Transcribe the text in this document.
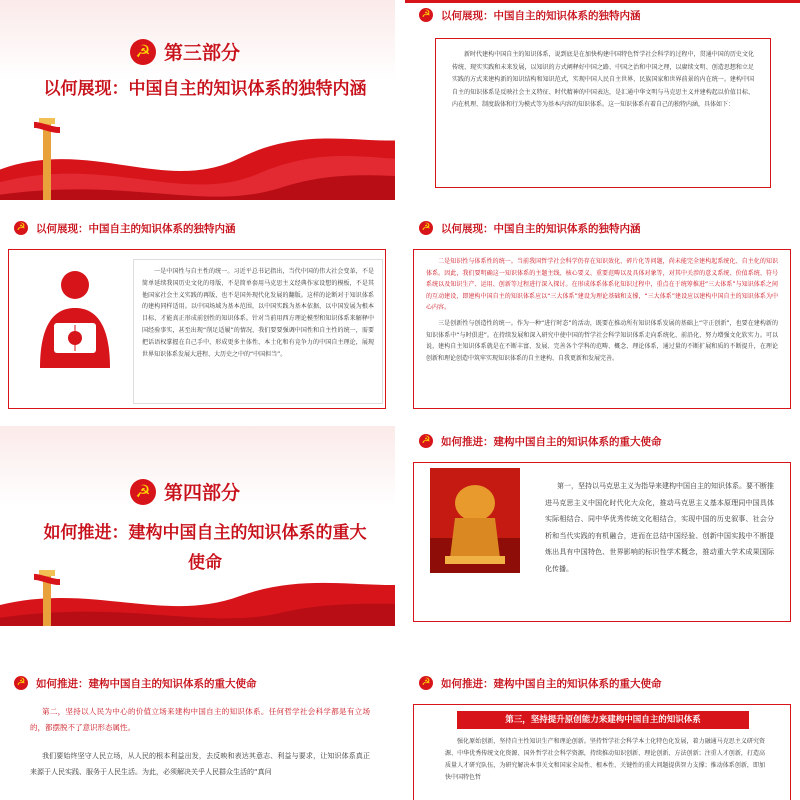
☭
第三部分
以何展现：中国自主的知识体系的独特内涵
☭
以何展现：中国自主的知识体系的独特内涵

新时代建构中国自主的知识体系，说到底是在加快构建中国特色哲学社会科学的过程中，贯通中国的历史文化传统、现实实践和未来发展，以知识的方式阐释好中国之路、中国之治和中国之理，以赓续文明、创造思想和立足实践的方式来建构新的知识结构和知识范式，实现中国人民自主世界、民族国家和世界前景的内在统一。建构中国自主的知识体系是反映社会主义特征、时代精神的中国表达，是汇通中华文明与马克思主义并建构起以价值目标、内在机理、制度载体和行为模式等为基本内容的知识体系。这一知识体系有着自己的独特内涵，具体如下：

☭
以何展现：中国自主的知识体系的独特内涵

一是中国性与自主性的统一。习近平总书记指出，当代中国的伟大社会变革，不是简单延续我国历史文化的母版，不是简单套用马克思主义经典作家设想的模板，不是其他国家社会主义实践的再版，也不是国外现代化发展的翻版。这样的论断对于知识体系的建构同样适用。以中国场域为基本范围，以中国实践为基本依据，以中国发展为根本目标，才能真正形成前创性的知识体系。针对当前用西方理论模型和知识体系来解释中国经验事实，甚至出现“削足适履”的情况，我们要要强调中国性和自主性的统一，需要把话语权掌握在自己手中，形成更多主体性、本土化和有竞争力的中国自主理论，展现世界知识体系发展大进程、大历史之中的“中国担当”。

☭
以何展现：中国自主的知识体系的独特内涵

二是知识性与体系性的统一。当前我国哲学社会科学仍存在知识效化、碎片化等问题，尚未能完全建构起系统化、自主化的知识体系。因此，我们要明确这一知识体系的主题主线、核心要义、重要范畴以及具体对象等，对其中关涉的意义系统、价值系统、符号系统以及知识生产、运用、创新等过程进行深入探讨。在形成体系体系化知识过程中，重点在于统筹推进“三大体系”与知识体系之间的互动建设，即建构中国自主的知识体系应以“三大体系”建设为理论基础和支撑，“三大体系”建设应以建构中国自主的知识体系为中心内容。

三是创新性与创造性的统一。作为一种“进行时态”的活动，既要在推动所有知识体系发展的基础上“守正创新”，也要在建构新的知识体系中“与时俱进”。在持续发展和深入研究中使中国的哲学社会科学知识体系走向系统化、前沿化，努力增强文化软实力。可以说，建构自主知识体系就是在不断丰富、发展、完善各个学科的范畴、概念、理论体系，通过量的不断扩展和质的不断提升，在理论创新和理论创造中筑牢实现知识体系的自主建构、自我更新和发展完善。

☭
第四部分
如何推进：建构中国自主的知识体系的重大使命
☭
如何推进：建构中国自主的知识体系的重大使命

第一，坚持以马克思主义为指导来建构中国自主的知识体系。要不断推进马克思主义中国化时代化大众化，推动马克思主义基本原理同中国具体实际相结合、同中华优秀传统文化相结合，实现中国的历史叙事、社会分析和当代实践的有机融合，进而在总结中国经验、创新中国实践中不断提炼出具有中国特色、世界影响的标识性学术概念，推动重大学术成果国际化传播。

☭
如何推进：建构中国自主的知识体系的重大使命

第二，坚持以人民为中心的价值立场来建构中国自主的知识体系。任何哲学社会科学都是有立场的，都摆脱不了意识形态属性。

我们要始终坚守人民立场，从人民的根本利益出发，去反映和表达其意志、利益与要求，让知识体系真正来源于人民实践、服务于人民生活。为此，必须解决关乎人民群众生活的“真问

☭
如何推进：建构中国自主的知识体系的重大使命
第三，坚持提升原创能力来建构中国自主的知识体系

强化原始创新，坚持自主性知识生产和理论创新。坚持哲学社会科学本土化特色化发展，着力融通马克思主义研究资源、中华优秀传统文化资源、国外哲学社会科学资源，持续推动知识创新、理论创新、方法创新；注重人才创新，打造高质量人才研究队伍，为研究解决本事关文和国家全局性、根本性、关键性的重大问题提供智力支撑；推动体系创新，即加快中国特色哲
